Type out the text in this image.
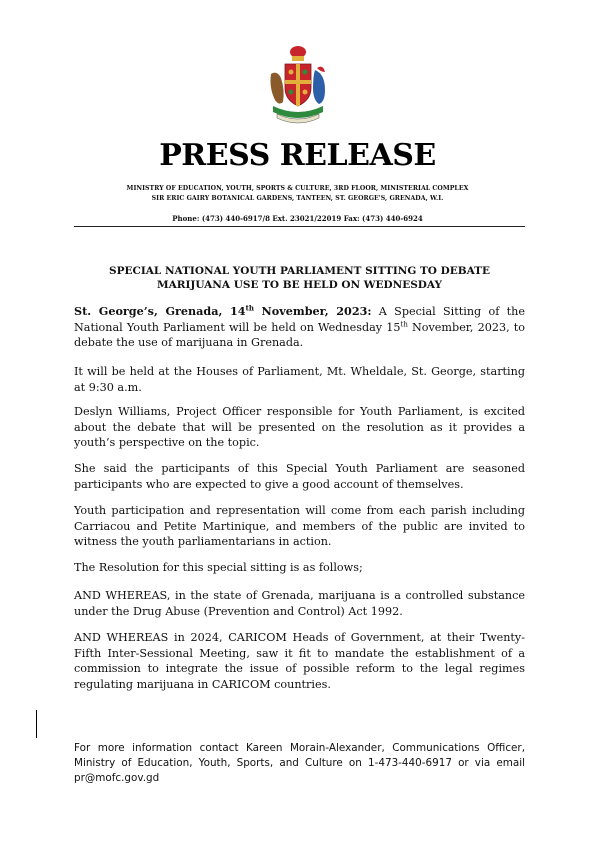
PRESS RELEASE
MINISTRY OF EDUCATION, YOUTH, SPORTS & CULTURE, 3RD FLOOR, MINISTERIAL COMPLEX
SIR ERIC GAIRY BOTANICAL GARDENS, TANTEEN, ST. GEORGE'S, GRENADA, W.I.
Phone: (473) 440-6917/8 Ext. 23021/22019 Fax: (473) 440-6924
SPECIAL NATIONAL YOUTH PARLIAMENT SITTING TO DEBATE
MARIJUANA USE TO BE HELD ON WEDNESDAY
St. George’s, Grenada, 14th November, 2023: A Special Sitting of the National Youth Parliament will be held on Wednesday 15th November, 2023, to debate the use of marijuana in Grenada.
It will be held at the Houses of Parliament, Mt. Wheldale, St. George, starting at 9:30 a.m.
Deslyn Williams, Project Officer responsible for Youth Parliament, is excited about the debate that will be presented on the resolution as it provides a youth’s perspective on the topic.
She said the participants of this Special Youth Parliament are seasoned participants who are expected to give a good account of themselves.
Youth participation and representation will come from each parish including Carriacou and Petite Martinique, and members of the public are invited to witness the youth parliamentarians in action.
The Resolution for this special sitting is as follows;
AND WHEREAS, in the state of Grenada, marijuana is a controlled substance under the Drug Abuse (Prevention and Control) Act 1992.
AND WHEREAS in 2024, CARICOM Heads of Government, at their Twenty-Fifth Inter-Sessional Meeting, saw it fit to mandate the establishment of a commission to integrate the issue of possible reform to the legal regimes regulating marijuana in CARICOM countries.
For more information contact Kareen Morain-Alexander, Communications Officer, Ministry of Education, Youth, Sports, and Culture on 1-473-440-6917 or via email pr@mofc.gov.gd
